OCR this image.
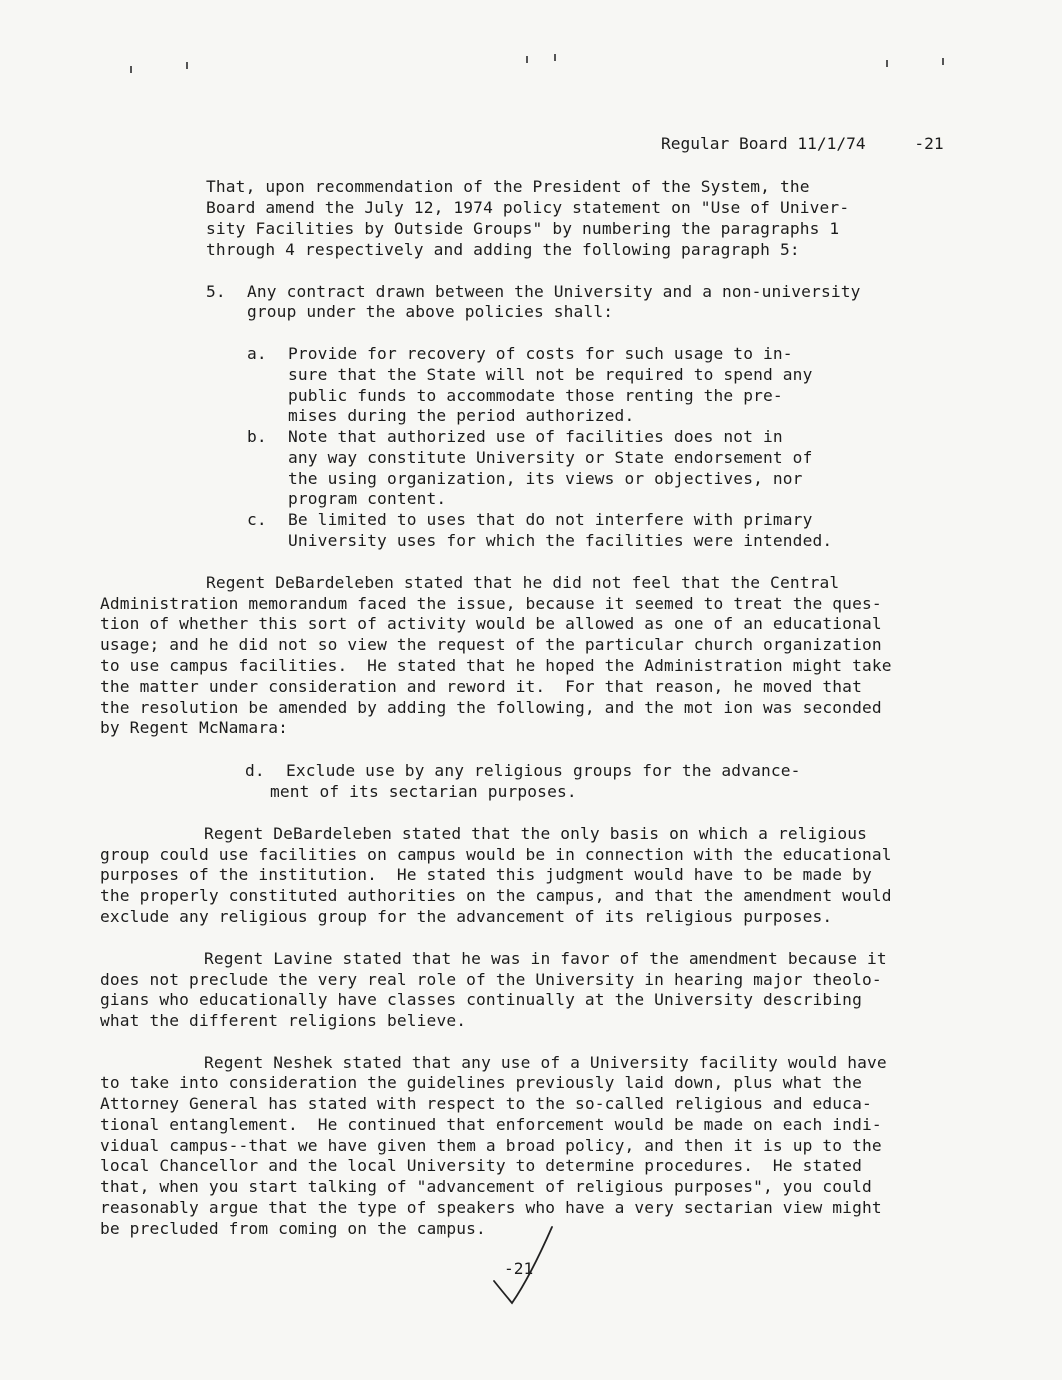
Regular Board 11/1/74	-21

That, upon recommendation of the President of the System, the
Board amend the July 12, 1974 policy statement on "Use of Univer-
sity Facilities by Outside Groups" by numbering the paragraphs 1
through 4 respectively and adding the following paragraph 5:
5. Any contract drawn between the University and a non-university
group under the above policies shall:
a. Provide for recovery of costs for such usage to in-
sure that the State will not be required to spend any
public funds to accommodate those renting the pre-
mises during the period authorized.
b. Note that authorized use of facilities does not in
any way constitute University or State endorsement of
the using organization, its views or objectives, nor
program content.
c. Be limited to uses that do not interfere with primary
University uses for which the facilities were intended.
Regent DeBardeleben stated that he did not feel that the Central
Administration memorandum faced the issue, because it seemed to treat the ques-
tion of whether this sort of activity would be allowed as one of an educational
usage; and he did not so view the request of the particular church organization
to use campus facilities.  He stated that he hoped the Administration might take
the matter under consideration and reword it.  For that reason, he moved that
the resolution be amended by adding the following, and the mot ion was seconded
by Regent McNamara:
d. Exclude use by any religious groups for the advance-
ment of its sectarian purposes.
Regent DeBardeleben stated that the only basis on which a religious
group could use facilities on campus would be in connection with the educational
purposes of the institution.  He stated this judgment would have to be made by
the properly constituted authorities on the campus, and that the amendment would
exclude any religious group for the advancement of its religious purposes.
Regent Lavine stated that he was in favor of the amendment because it
does not preclude the very real role of the University in hearing major theolo-
gians who educationally have classes continually at the University describing
what the different religions believe.
Regent Neshek stated that any use of a University facility would have
to take into consideration the guidelines previously laid down, plus what the
Attorney General has stated with respect to the so-called religious and educa-
tional entanglement.  He continued that enforcement would be made on each indi-
vidual campus--that we have given them a broad policy, and then it is up to the
local Chancellor and the local University to determine procedures.  He stated
that, when you start talking of "advancement of religious purposes", you could
reasonably argue that the type of speakers who have a very sectarian view might
be precluded from coming on the campus.
-21
